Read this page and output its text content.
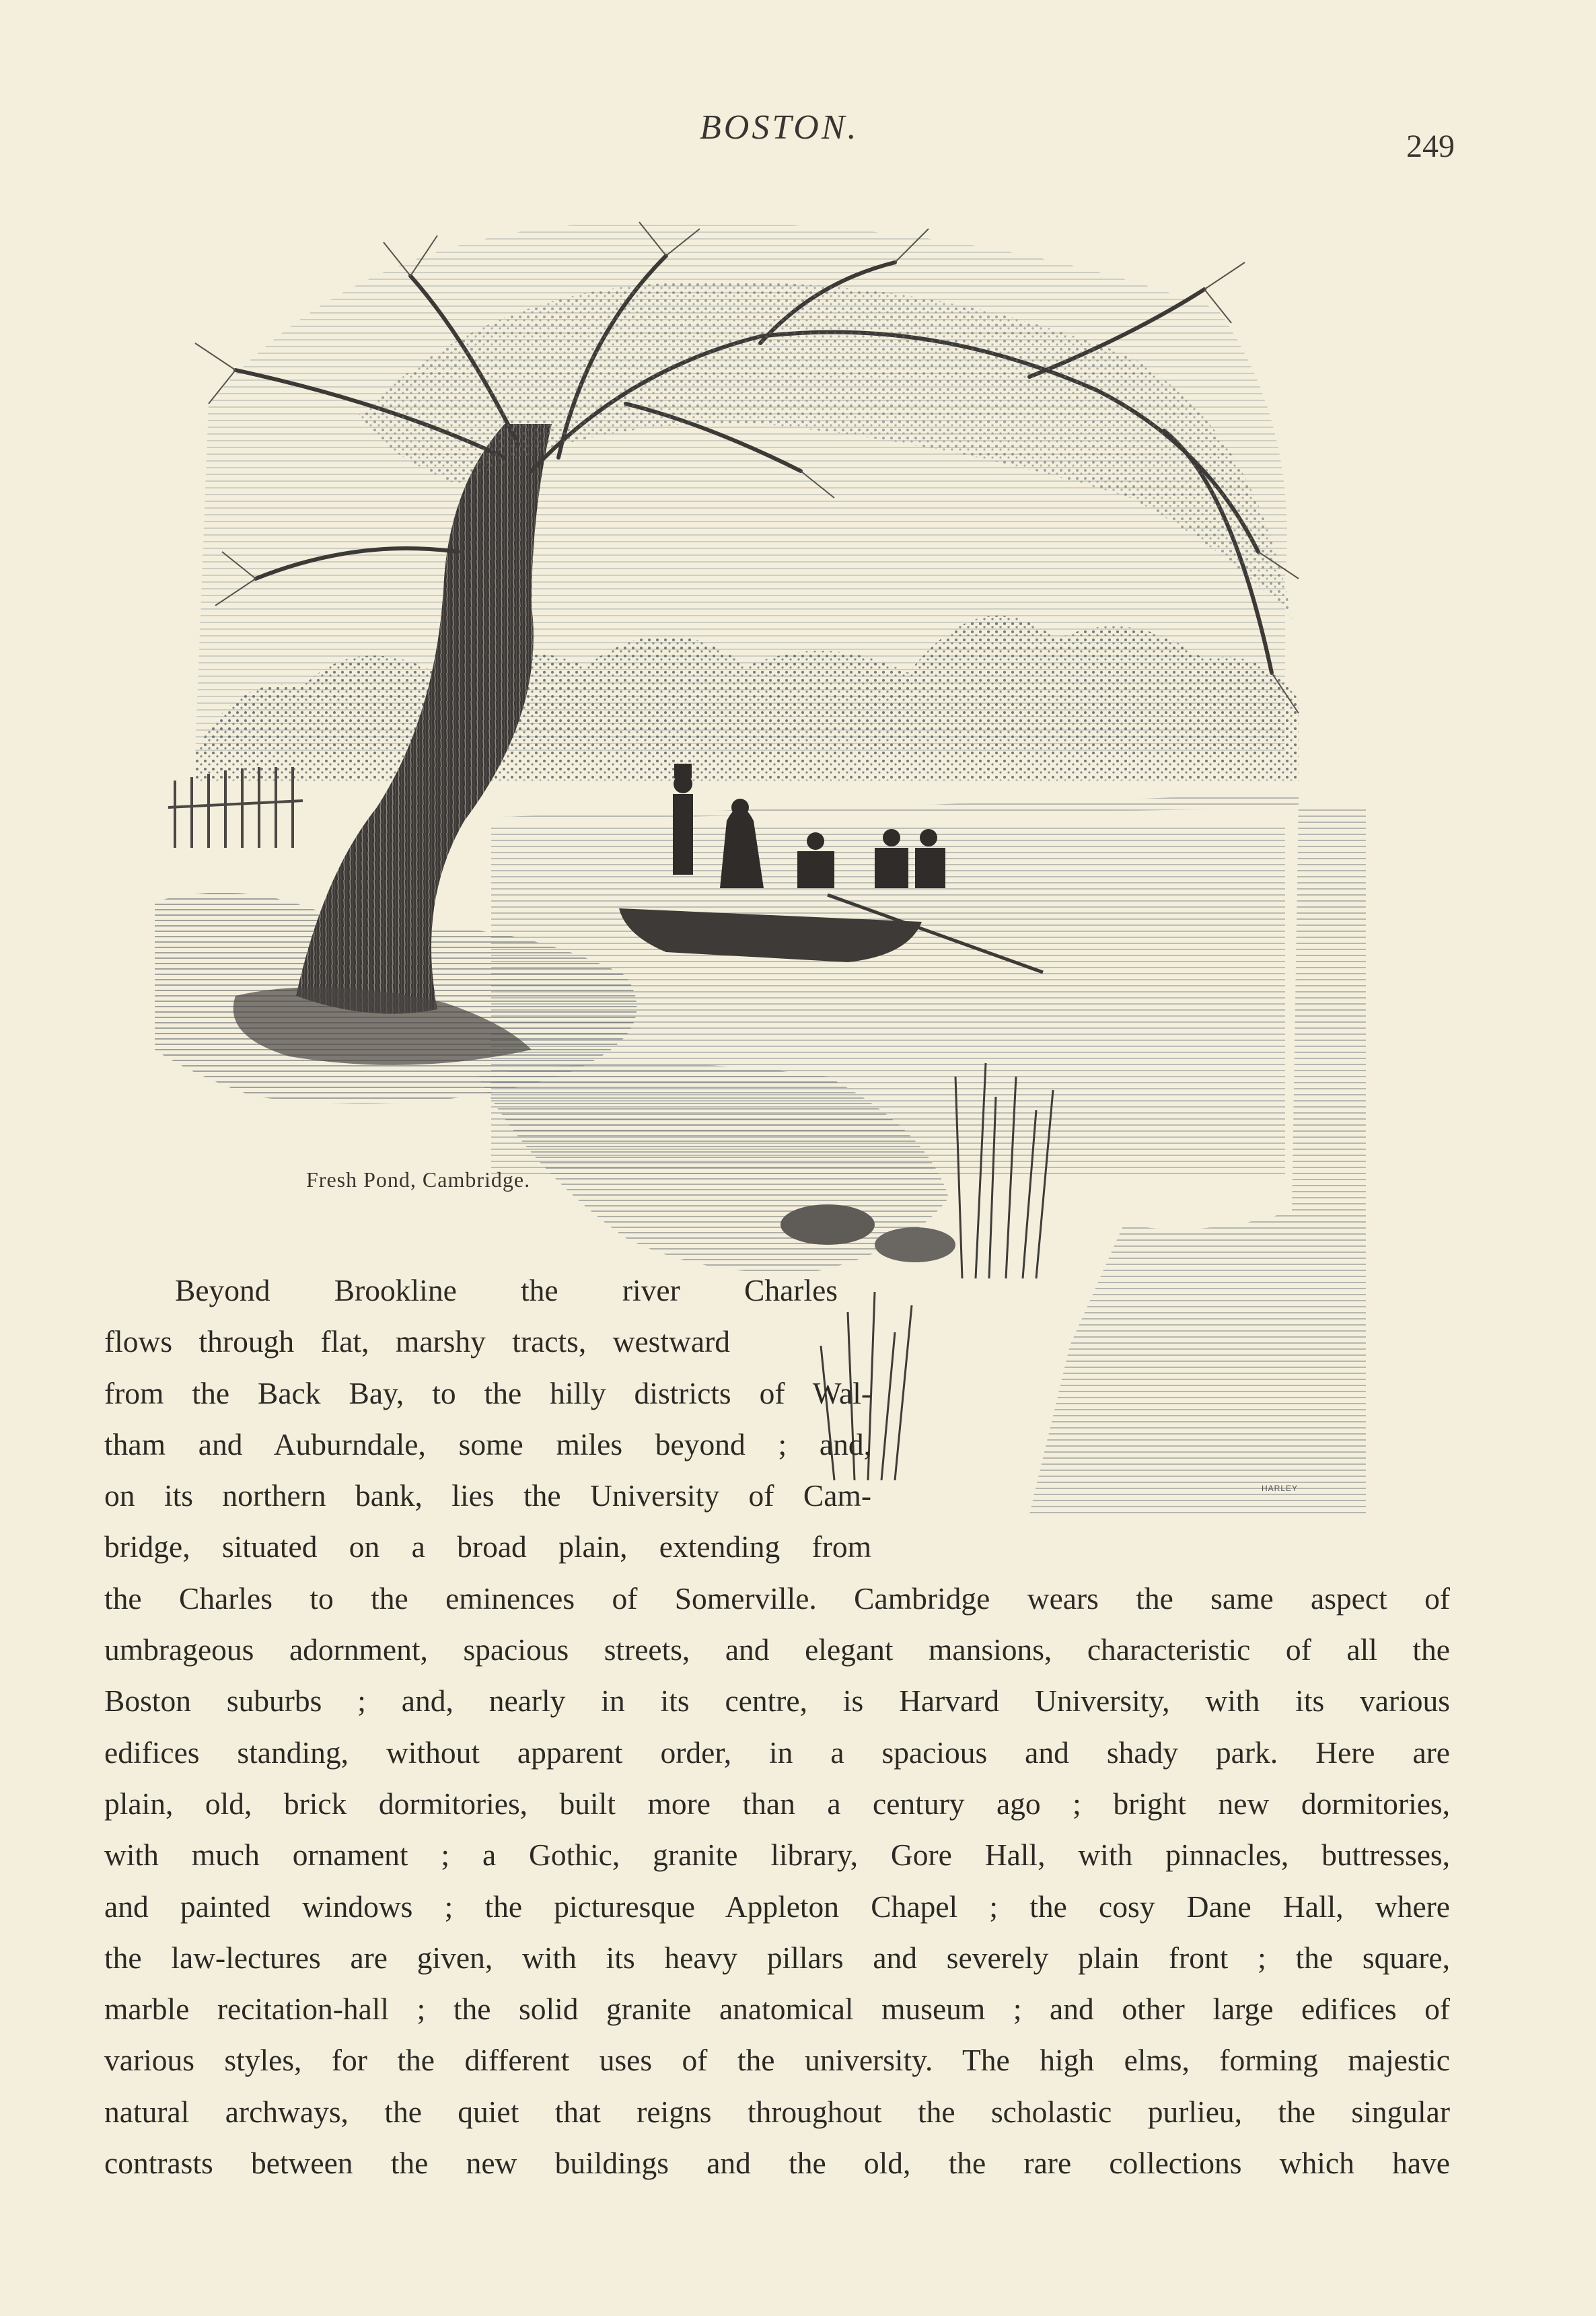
BOSTON.	249
Fresh Pond, Cambridge.
HARLEY
Beyond Brookline the river Charles
flows through flat, marshy tracts, westward
from the Back Bay, to the hilly districts of Wal-
tham and Auburndale, some miles beyond ; and,
on its northern bank, lies the University of Cam-
bridge, situated on a broad plain, extending from
the Charles to the eminences of Somerville. Cambridge wears the same aspect of
umbrageous adornment, spacious streets, and elegant mansions, characteristic of all the
Boston suburbs ; and, nearly in its centre, is Harvard University, with its various
edifices standing, without apparent order, in a spacious and shady park. Here are
plain, old, brick dormitories, built more than a century ago ; bright new dormitories,
with much ornament ; a Gothic, granite library, Gore Hall, with pinnacles, buttresses,
and painted windows ; the picturesque Appleton Chapel ; the cosy Dane Hall, where
the law-lectures are given, with its heavy pillars and severely plain front ; the square,
marble recitation-hall ; the solid granite anatomical museum ; and other large edifices of
various styles, for the different uses of the university. The high elms, forming majestic
natural archways, the quiet that reigns throughout the scholastic purlieu, the singular
contrasts between the new buildings and the old, the rare collections which have
